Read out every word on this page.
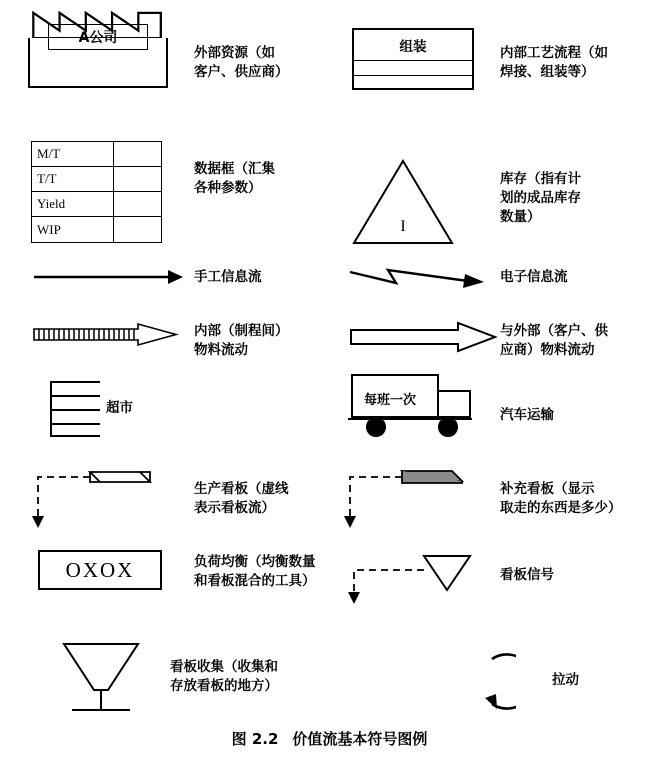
A公司
外部资源（如
客户、供应商）
组装	内部工艺流程（如
焊接、组装等）
M/T
T/T
Yield
WIP
数据框（汇集
各种参数）
I
库存（指有计
划的成品库存
数量）
手工信息流	电子信息流
内部（制程间）
物料流动
与外部（客户、供
应商）物料流动
超市	每班一次
汽车运输
生产看板（虚线
表示看板流）
补充看板（显示
取走的东西是多少）
OXOX	负荷均衡（均衡数量
和看板混合的工具）	看板信号
看板收集（收集和
存放看板的地方）	拉动
图 2.2 价值流基本符号图例
